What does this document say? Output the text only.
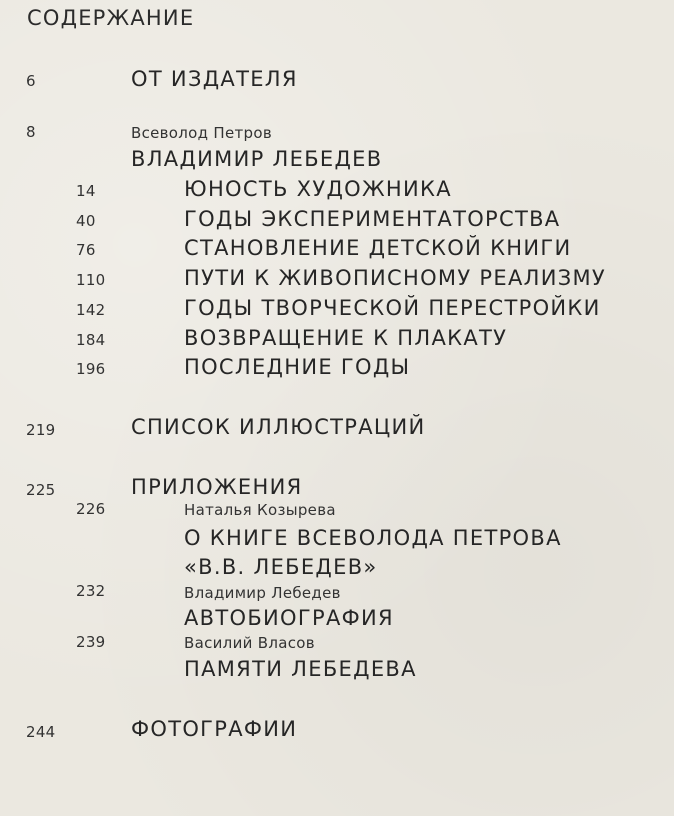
СОДЕРЖАНИЕ
6	ОТ ИЗДАТЕЛЯ
8	Всеволод Петров
ВЛАДИМИР ЛЕБЕДЕВ
14	ЮНОСТЬ ХУДОЖНИКА
40	ГОДЫ ЭКСПЕРИМЕНТАТОРСТВА
76	СТАНОВЛЕНИЕ ДЕТСКОЙ КНИГИ
110	ПУТИ К ЖИВОПИСНОМУ РЕАЛИЗМУ
142	ГОДЫ ТВОРЧЕСКОЙ ПЕРЕСТРОЙКИ
184	ВОЗВРАЩЕНИЕ К ПЛАКАТУ
196	ПОСЛЕДНИЕ ГОДЫ
219	СПИСОК ИЛЛЮСТРАЦИЙ
225	ПРИЛОЖЕНИЯ
226	Наталья Козырева
О КНИГЕ ВСЕВОЛОДА ПЕТРОВА
«В.В. ЛЕБЕДЕВ»
232	Владимир Лебедев
АВТОБИОГРАФИЯ
239	Василий Власов
ПАМЯТИ ЛЕБЕДЕВА
244	ФОТОГРАФИИ
